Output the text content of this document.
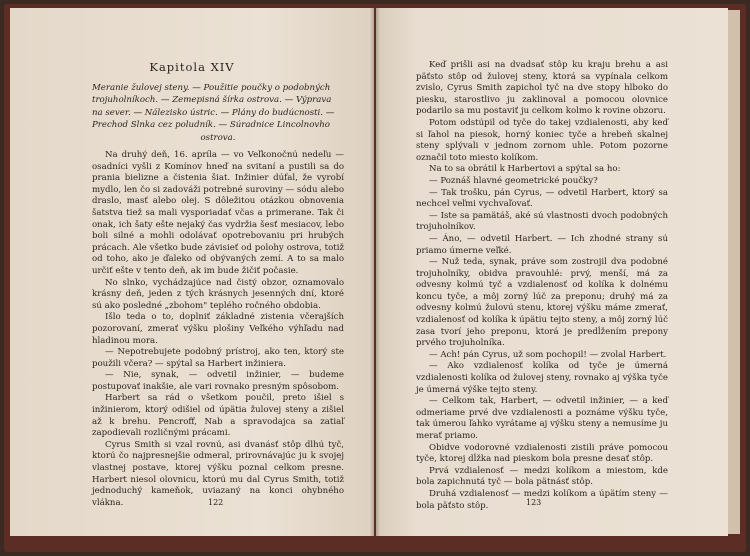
Kapitola XIV
Meranie žulovej steny. — Použitie poučky o podobných
trojuholníkoch. — Zemepisná šírka ostrova. — Výprava
na sever. — Nálezisko ústric. — Plány do budúcnosti. —
Prechod Slnka cez poludník. — Súradnice Lincolnovho
ostrova.

Na druhý deň, 16. apríla — vo Veľkonočnú nedeľu — osadníci vyšli z Komínov hneď na svitaní a pustili sa do prania bielizne a čistenia šiat. Inžinier dúfal, že vyrobí mydlo, len čo si zadováži potrebné suroviny — sódu alebo draslo, masť alebo olej. S dôležitou otázkou obnovenia šatstva tiež sa mali vysporiadať včas a primerane. Tak či onak, ich šaty ešte nejaký čas vydržia šesť mesiacov, lebo boli silné a mohli odolávať opotrebovaniu pri hrubých prácach. Ale všetko bude závisieť od polohy ostrova, totiž od toho, ako je ďaleko od obývaných zemí. A to sa malo určiť ešte v tento deň, ak im bude žičiť počasie.

No slnko, vychádzajúce nad čistý obzor, oznamovalo krásny deň, jeden z tých krásnych jesenných dní, ktoré sú ako posledné „zbohom" teplého ročného obdobia.

Išlo teda o to, doplniť základné zistenia včerajších pozorovaní, zmerať výšku plošiny Veľkého výhľadu nad hladinou mora.

— Nepotrebujete podobný prístroj, ako ten, ktorý ste použili včera? — spýtal sa Harbert inžiniera.

— Nie, synak, — odvetil inžinier, — budeme postupovať inakšie, ale vari rovnako presným spôsobom.

Harbert sa rád o všetkom poučil, preto išiel s inžinierom, ktorý odišiel od úpätia žulovej steny a zišiel až k brehu. Pencroff, Nab a spravodajca sa zatiaľ zapodievali rozličnými prácami.

Cyrus Smith si vzal rovnú, asi dvanásť stôp dlhú tyč, ktorú čo najpresnejšie odmeral, prirovnávajúc ju k svojej vlastnej postave, ktorej výšku poznal celkom presne. Harbert niesol olovnicu, ktorú mu dal Cyrus Smith, totiž jednoduchý kameňok, uviazaný na konci ohybného vlákna.	122

Keď prišli asi na dvadsať stôp ku kraju brehu a asi päťsto stôp od žulovej steny, ktorá sa vypínala celkom zvislo, Cyrus Smith zapichol tyč na dve stopy hlboko do piesku, starostlivo ju zaklinoval a pomocou olovnice podarilo sa mu postaviť ju celkom kolmo k rovine obzoru.

Potom odstúpil od tyče do takej vzdialenosti, aby keď si ľahol na piesok, horný koniec tyče a hrebeň skalnej steny splývali v jednom zornom uhle. Potom pozorne označil toto miesto kolíkom.

Na to sa obrátil k Harbertovi a spýtal sa ho:

— Poznáš hlavné geometrické poučky?

— Tak trošku, pán Cyrus, — odvetil Harbert, ktorý sa nechcel veľmi vychvaľovať.

— Iste sa pamätáš, aké sú vlastnosti dvoch podobných trojuholníkov.

— Áno, — odvetil Harbert. — Ich zhodné strany sú priamo úmerne veľké.

— Nuž teda, synak, práve som zostrojil dva podobné trojuholníky, obidva pravouhlé: prvý, menší, má za odvesny kolmú tyč a vzdialenosť od kolíka k dolnému koncu tyče, a môj zorný lúč za preponu; druhý má za odvesny kolmú žulovú stenu, ktorej výšku máme zmerať, vzdialenosť od kolíka k úpätiu tejto steny, a môj zorný lúč zasa tvorí jeho preponu, ktorá je predĺžením prepony prvého trojuholníka.

— Ach! pán Cyrus, už som pochopil! — zvolal Harbert.

— Ako vzdialenosť kolíka od tyče je úmerná vzdialenosti kolíka od žulovej steny, rovnako aj výška tyče je úmerná výške tejto steny.

— Celkom tak, Harbert, — odvetil inžinier, — a keď odmeriame prvé dve vzdialenosti a poznáme výšku tyče, tak úmerou ľahko vyrátame aj výšku steny a nemusíme ju merať priamo.

Obidve vodorovné vzdialenosti zistili práve pomocou tyče, ktorej dĺžka nad pieskom bola presne desať stôp.

Prvá vzdialenosť — medzi kolíkom a miestom, kde bola zapichnutá tyč — bola pätnásť stôp.

Druhá vzdialenosť — medzi kolíkom a úpätím steny — bola päťsto stôp.	123
